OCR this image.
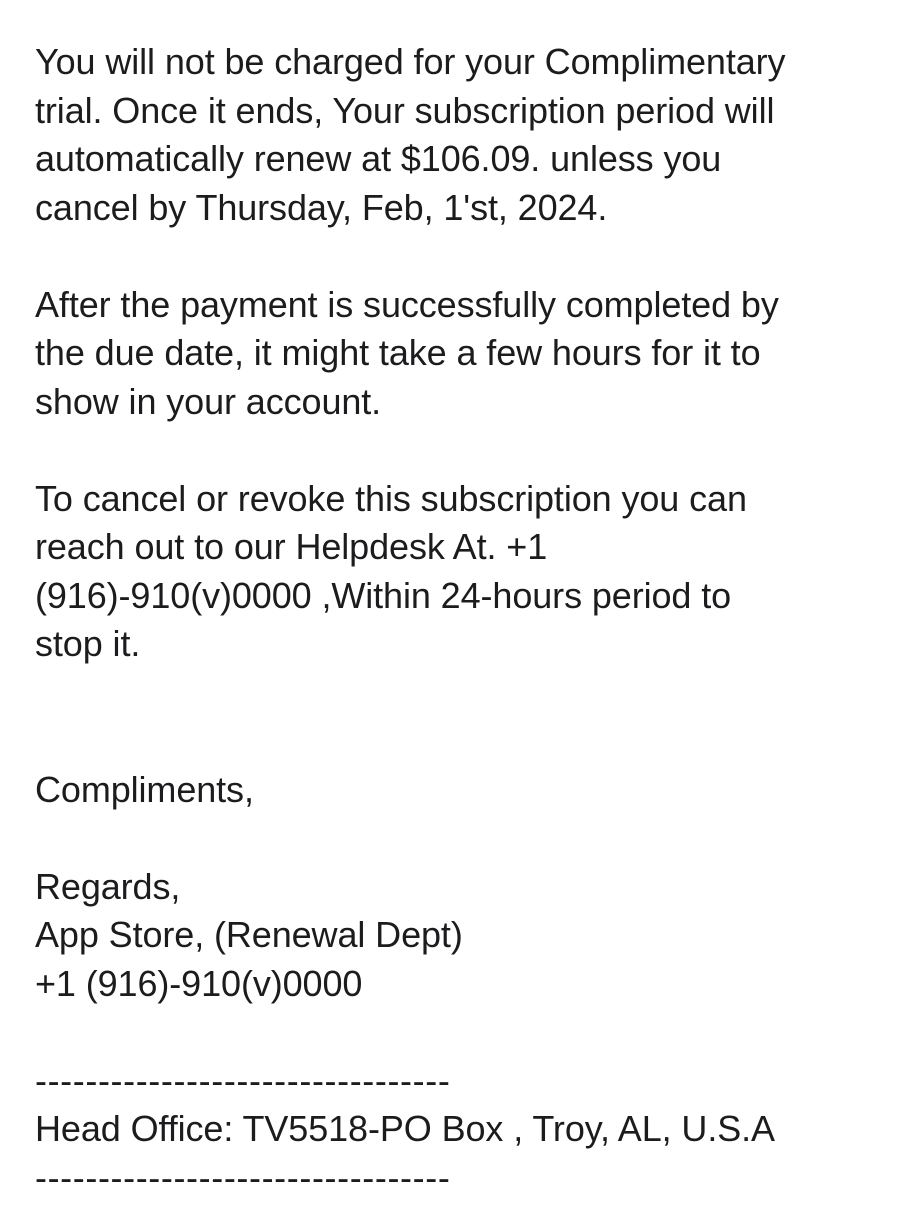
You will not be charged for your Complimentary
trial. Once it ends, Your subscription period will
automatically renew at $106.09. unless you
cancel by Thursday, Feb, 1'st, 2024.

After the payment is successfully completed by
the due date, it might take a few hours for it to
show in your account.

To cancel or revoke this subscription you can
reach out to our Helpdesk At. +1
(916)-910(v)0000 ,Within 24-hours period to
stop it.

Compliments,

Regards,
App Store, (Renewal Dept)
+1 (916)-910(v)0000

---------------------------------
Head Office: TV5518-PO Box , Troy, AL, U.S.A
---------------------------------
